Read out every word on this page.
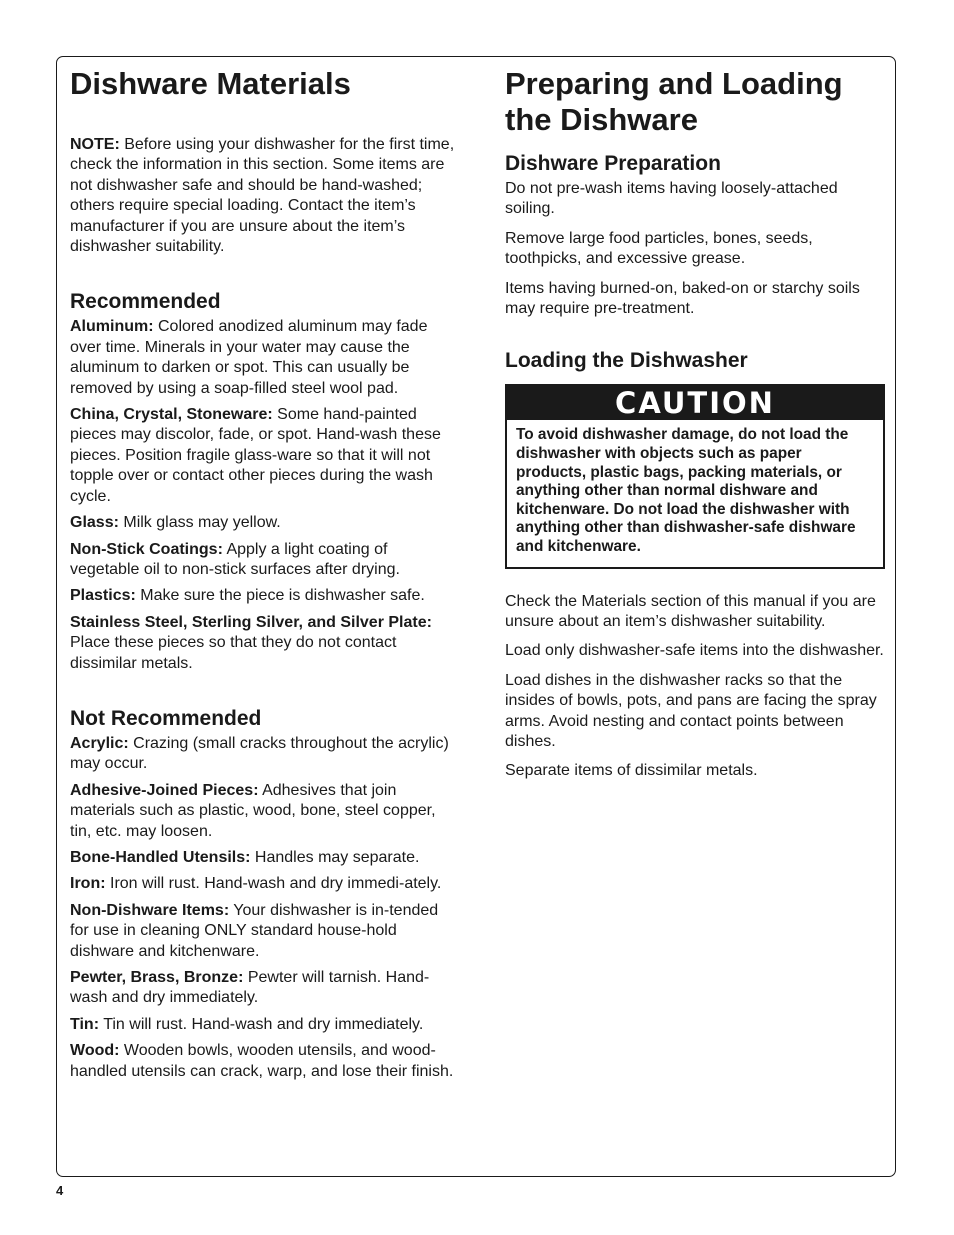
Dishware Materials

NOTE: Before using your dishwasher for the first time, check the information in this section. Some items are not dishwasher safe and should be hand-washed; others require special loading. Contact the item’s manufacturer if you are unsure about the item’s dishwasher suitability.

Recommended

Aluminum: Colored anodized aluminum may fade over time. Minerals in your water may cause the aluminum to darken or spot. This can usually be removed by using a soap-filled steel wool pad.

China, Crystal, Stoneware: Some hand-painted pieces may discolor, fade, or spot. Hand-wash these pieces. Position fragile glass-ware so that it will not topple over or contact other pieces during the wash cycle.

Glass: Milk glass may yellow.

Non-Stick Coatings: Apply a light coating of vegetable oil to non-stick surfaces after drying.

Plastics: Make sure the piece is dishwasher safe.

Stainless Steel, Sterling Silver, and Silver Plate: Place these pieces so that they do not contact dissimilar metals.

Not Recommended

Acrylic: Crazing (small cracks throughout the acrylic) may occur.

Adhesive-Joined Pieces: Adhesives that join materials such as plastic, wood, bone, steel copper, tin, etc. may loosen.

Bone-Handled Utensils: Handles may separate.

Iron: Iron will rust. Hand-wash and dry immedi-ately.

Non-Dishware Items: Your dishwasher is in-tended for use in cleaning ONLY standard house-hold dishware and kitchenware.

Pewter, Brass, Bronze: Pewter will tarnish. Hand-wash and dry immediately.

Tin: Tin will rust. Hand-wash and dry immediately.

Wood: Wooden bowls, wooden utensils, and wood-handled utensils can crack, warp, and lose their finish.

Preparing and Loading
the Dishware
Dishware Preparation

Do not pre-wash items having loosely-attached soiling.

Remove large food particles, bones, seeds, toothpicks, and excessive grease.

Items having burned-on, baked-on or starchy soils may require pre-treatment.

Loading the Dishwasher
CAUTION
To avoid dishwasher damage, do not load the dishwasher with objects such as paper products, plastic bags, packing materials, or anything other than normal dishware and kitchenware. Do not load the dishwasher with anything other than dishwasher-safe dishware and kitchenware.

Check the Materials section of this manual if you are unsure about an item’s dishwasher suitability.

Load only dishwasher-safe items into the dishwasher.

Load dishes in the dishwasher racks so that the insides of bowls, pots, and pans are facing the spray arms. Avoid nesting and contact points between dishes.

Separate items of dissimilar metals.

4
